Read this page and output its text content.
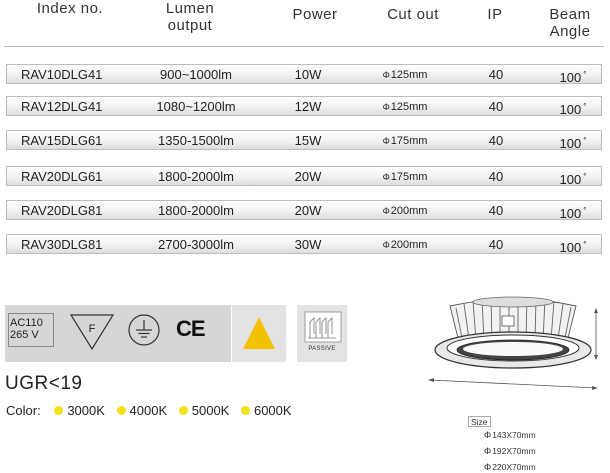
Index no.	Lumen
output
Power	Cut out	IP	Beam
Angle
RAV10DLG41	900~1000lm	10W	Φ125mm	40	100 °
RAV12DLG41	1080~1200lm	12W	Φ125mm	40	100 °
RAV15DLG61	1350-1500lm	15W	Φ175mm	40	100 °
RAV20DLG61	1800-2000lm	20W	Φ175mm	40	100 °
RAV20DLG81	1800-2000lm	20W	Φ200mm	40	100 °
RAV30DLG81	2700-3000lm	30W	Φ200mm	40	100 °
AC110
265 V	F	CE
PASSIVE
UGR<19
Color: 3000K 4000K 5000K 6000K
Size
Φ143X70mm
Φ192X70mm
Φ220X70mm
